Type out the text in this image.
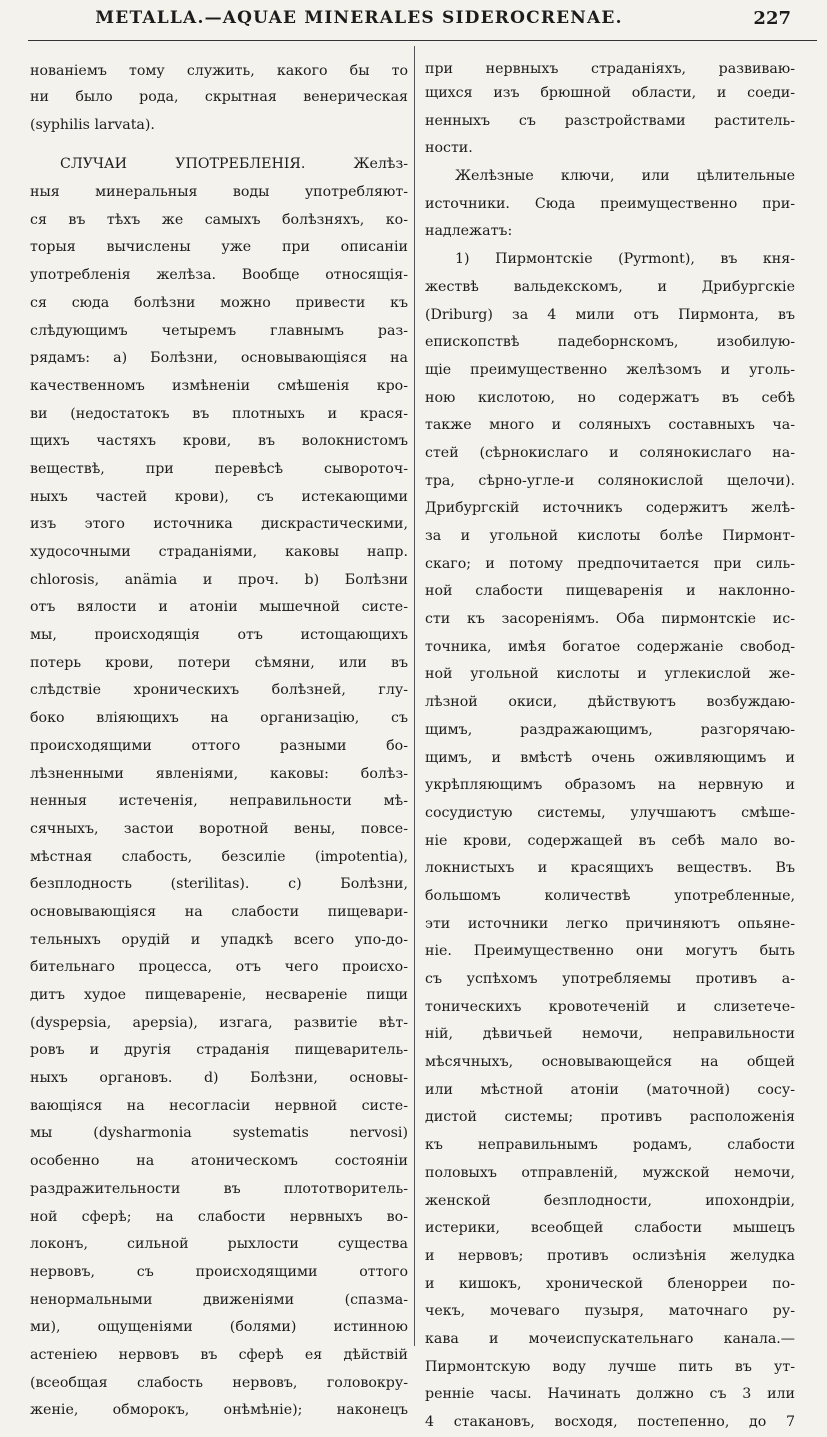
METALLA.—AQUAE MINERALES SIDEROCRENAE.	227
нованіемъ тому служить, какого бы то
ни было рода, скрытная венерическая
(syphilis larvata).
СЛУЧАИ УПОТРЕБЛЕНІЯ. Желѣз-
ныя минеральныя воды употребляют-
ся въ тѣхъ же самыхъ болѣзняхъ, ко-
торыя вычислены уже при описаніи
употребленія желѣза. Вообще относящія-
ся сюда болѣзни можно привести къ
слѣдующимъ четыремъ главнымъ раз-
рядамъ: a) Болѣзни, основывающіяся на
качественномъ измѣненіи смѣшенія кро-
ви (недостатокъ въ плотныхъ и крася-
щихъ частяхъ крови, въ волокнистомъ
веществѣ, при перевѣсѣ сывороточ-
ныхъ частей крови), съ истекающими
изъ этого источника дискрастическими,
худосочными страданіями, каковы напр.
chlorosis, anämia и проч. b) Болѣзни
отъ вялости и атоніи мышечной систе-
мы, происходящія отъ истощающихъ
потерь крови, потери сѣмяни, или въ
слѣдствіе хроническихъ болѣзней, глу-
боко вліяющихъ на организацію, съ
происходящими оттого разными бо-
лѣзненными явленіями, каковы: болѣз-
ненныя истеченія, неправильности мѣ-
сячныхъ, застои воротной вены, повсе-
мѣстная слабость, безсиліе (impotentia),
безплодность (sterilitas). c) Болѣзни,
основывающіяся на слабости пищевари-
тельныхъ орудій и упадкѣ всего упо-до-
бительнаго процесса, отъ чего происхо-
дитъ худое пищевареніе, несвареніе пищи
(dyspepsia, apepsia), изгага, развитіе вѣт-
ровъ и другія страданія пищеваритель-
ныхъ органовъ. d) Болѣзни, основы-
вающіяся на несогласіи нервной систе-
мы (dysharmonia systematis nervosi)
особенно на атоническомъ состояніи
раздражительности въ плототворитель-
ной сферѣ; на слабости нервныхъ во-
локонъ, сильной рыхлости существа
нервовъ, съ происходящими оттого
ненормальными движеніями (спазма-
ми), ощущеніями (болями) истинною
астеніею нервовъ въ сферѣ ея дѣйствій
(всеобщая слабость нервовъ, головокру-
женіе, обморокъ, онѣмѣніе); наконецъ
при нервныхъ страданіяхъ, развиваю-
щихся изъ брюшной области, и соеди-
ненныхъ съ разстройствами раститель-
ности.
Желѣзные ключи, или цѣлительные
источники. Сюда преимущественно при-
надлежатъ:
1) Пирмонтскіе (Pyrmont), въ кня-
жествѣ вальдекскомъ, и Дрибургскіе
(Driburg) за 4 мили отъ Пирмонта, въ
епископствѣ падеборнскомъ, изобилую-
щіе преимущественно желѣзомъ и уголь-
ною кислотою, но содержатъ въ себѣ
также много и соляныхъ составныхъ ча-
стей (сѣрнокислаго и солянокислаго на-
тра, сѣрно-угле-и солянокислой щелочи).
Дрибургскій источникъ содержитъ желѣ-
за и угольной кислоты болѣе Пирмонт-
скаго; и потому предпочитается при силь-
ной слабости пищеваренія и наклонно-
сти къ засореніямъ. Оба пирмонтскіе ис-
точника, имѣя богатое содержаніе свобод-
ной угольной кислоты и углекислой же-
лѣзной окиси, дѣйствуютъ возбуждаю-
щимъ, раздражающимъ, разгорячаю-
щимъ, и вмѣстѣ очень оживляющимъ и
укрѣпляющимъ образомъ на нервную и
сосудистую системы, улучшаютъ смѣше-
ніе крови, содержащей въ себѣ мало во-
локнистыхъ и красящихъ веществъ. Въ
большомъ количествѣ употребленные,
эти источники легко причиняютъ опьяне-
ніе. Преимущественно они могутъ быть
съ успѣхомъ употребляемы противъ а-
тоническихъ кровотеченій и слизетече-
ній, дѣвичьей немочи, неправильности
мѣсячныхъ, основывающейся на общей
или мѣстной атоніи (маточной) сосу-
дистой системы; противъ расположенія
къ неправильнымъ родамъ, слабости
половыхъ отправленій, мужской немочи,
женской безплодности, ипохондріи,
истерики, всеобщей слабости мышецъ
и нервовъ; противъ ослизѣнія желудка
и кишокъ, хронической бленорреи по-
чекъ, мочеваго пузыря, маточнаго ру-
кава и мочеиспускательнаго канала.—
Пирмонтскую воду лучше пить въ ут-
реннiе часы. Начинать должно съ 3 или
4 стакановъ, восходя, постепенно, до 7
